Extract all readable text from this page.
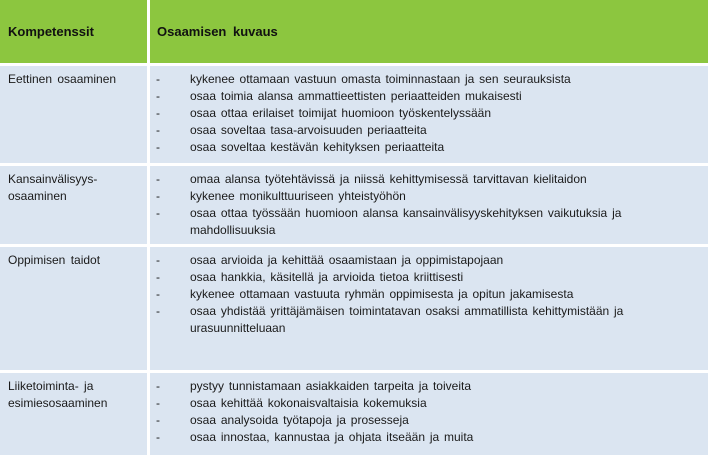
Kompetenssit	Osaamisen kuvaus
Eettinen osaaminen	-	kykenee ottamaan vastuun omasta toiminnastaan ja sen seurauksista
-	osaa toimia alansa ammattieettisten periaatteiden mukaisesti
-	osaa ottaa erilaiset toimijat huomioon työskentelyssään
-	osaa soveltaa tasa-arvoisuuden periaatteita
-	osaa soveltaa kestävän kehityksen periaatteita
Kansainvälisyys-osaaminen
-	omaa alansa työtehtävissä ja niissä kehittymisessä tarvittavan kielitaidon
-	kykenee monikulttuuriseen yhteistyöhön
-	osaa ottaa työssään huomioon alansa kansainvälisyyskehityksen vaikutuksia ja mahdollisuuksia
Oppimisen taidot	-	osaa arvioida ja kehittää osaamistaan ja oppimistapojaan
-	osaa hankkia, käsitellä ja arvioida tietoa kriittisesti
-	kykenee ottamaan vastuuta ryhmän oppimisesta ja opitun jakamisesta
-	osaa yhdistää yrittäjämäisen toimintatavan osaksi ammatillista kehittymistään ja urasuunnitteluaan
Liiketoiminta- ja esimiesosaaminen
-	pystyy tunnistamaan asiakkaiden tarpeita ja toiveita
-	osaa kehittää kokonaisvaltaisia kokemuksia
-	osaa analysoida työtapoja ja prosesseja
-	osaa innostaa, kannustaa ja ohjata itseään ja muita
